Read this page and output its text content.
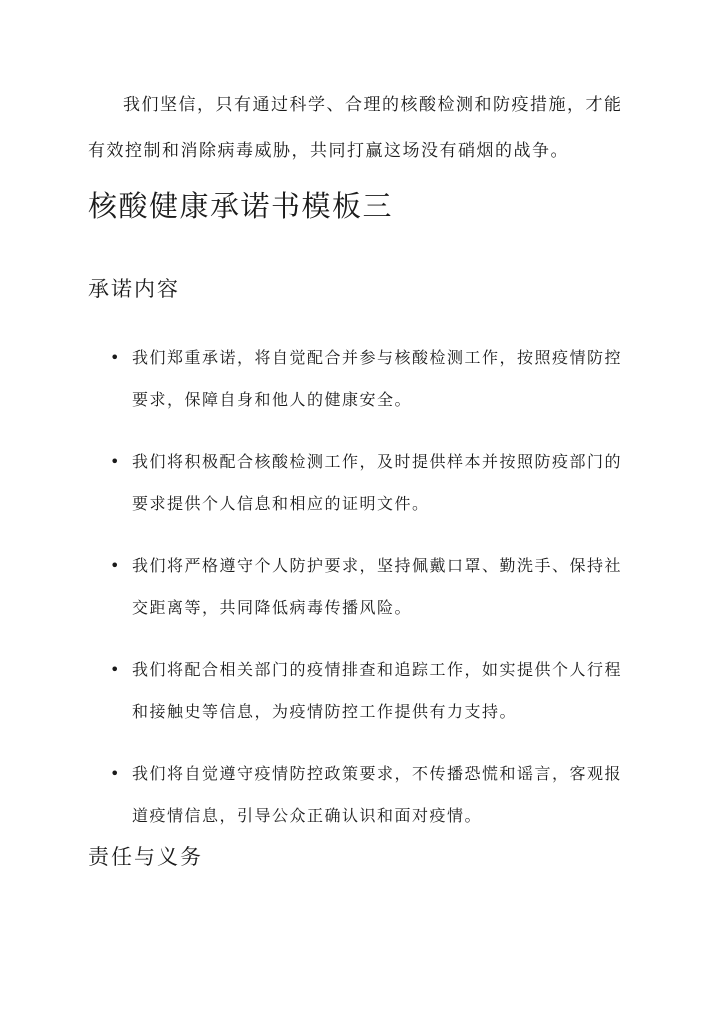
我们坚信，只有通过科学、合理的核酸检测和防疫措施，才能有效控制和消除病毒威胁，共同打赢这场没有硝烟的战争。

核酸健康承诺书模板三
承诺内容
• 我们郑重承诺，将自觉配合并参与核酸检测工作，按照疫情防控要求，保障自身和他人的健康安全。
• 我们将积极配合核酸检测工作，及时提供样本并按照防疫部门的要求提供个人信息和相应的证明文件。
• 我们将严格遵守个人防护要求，坚持佩戴口罩、勤洗手、保持社交距离等，共同降低病毒传播风险。
• 我们将配合相关部门的疫情排查和追踪工作，如实提供个人行程和接触史等信息，为疫情防控工作提供有力支持。
• 我们将自觉遵守疫情防控政策要求，不传播恐慌和谣言，客观报道疫情信息，引导公众正确认识和面对疫情。
责任与义务
